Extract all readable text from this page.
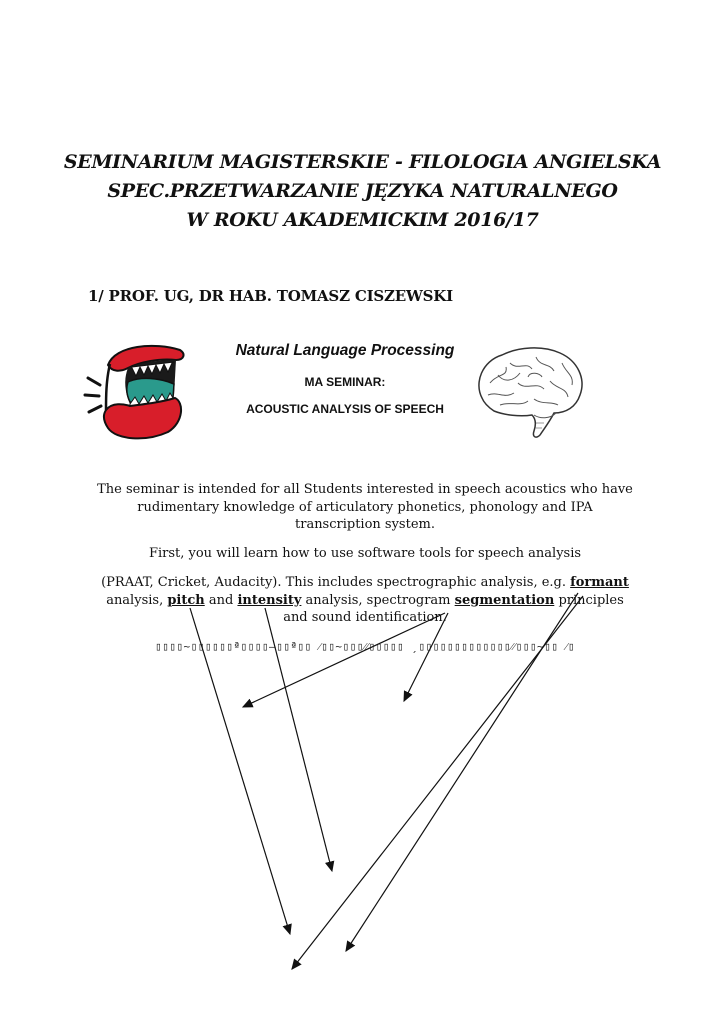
SEMINARIUM MAGISTERSKIE - FILOLOGIA ANGIELSKA
SPEC.PRZETWARZANIE JĘZYKA NATURALNEGO
W ROKU AKADEMICKIM 2016/17
1/ PROF. UG, DR HAB. TOMASZ CISZEWSKI
Natural Language Processing
MA SEMINAR:
ACOUSTIC ANALYSIS OF SPEECH
The seminar is intended for all Students interested in speech acoustics who have rudimentary knowledge of articulatory phonetics, phonology and IPA transcription system.
First, you will learn how to use software tools for speech analysis
(PRAAT, Cricket, Audacity). This includes spectrographic analysis, e.g. formant analysis, pitch and intensity analysis, spectrogram segmentation principles and sound identification.
▯▯▯▯~▯▯▯▯▯▯ª▯▯▯▯–▯▯ª▯▯ ⁄▯▯~▯▯▯⁄⁄▯▯▯▯▯ ˏ▯▯▯▯▯▯▯▯▯▯▯▯▯⁄⁄▯▯▯~▯▯ ⁄▯
